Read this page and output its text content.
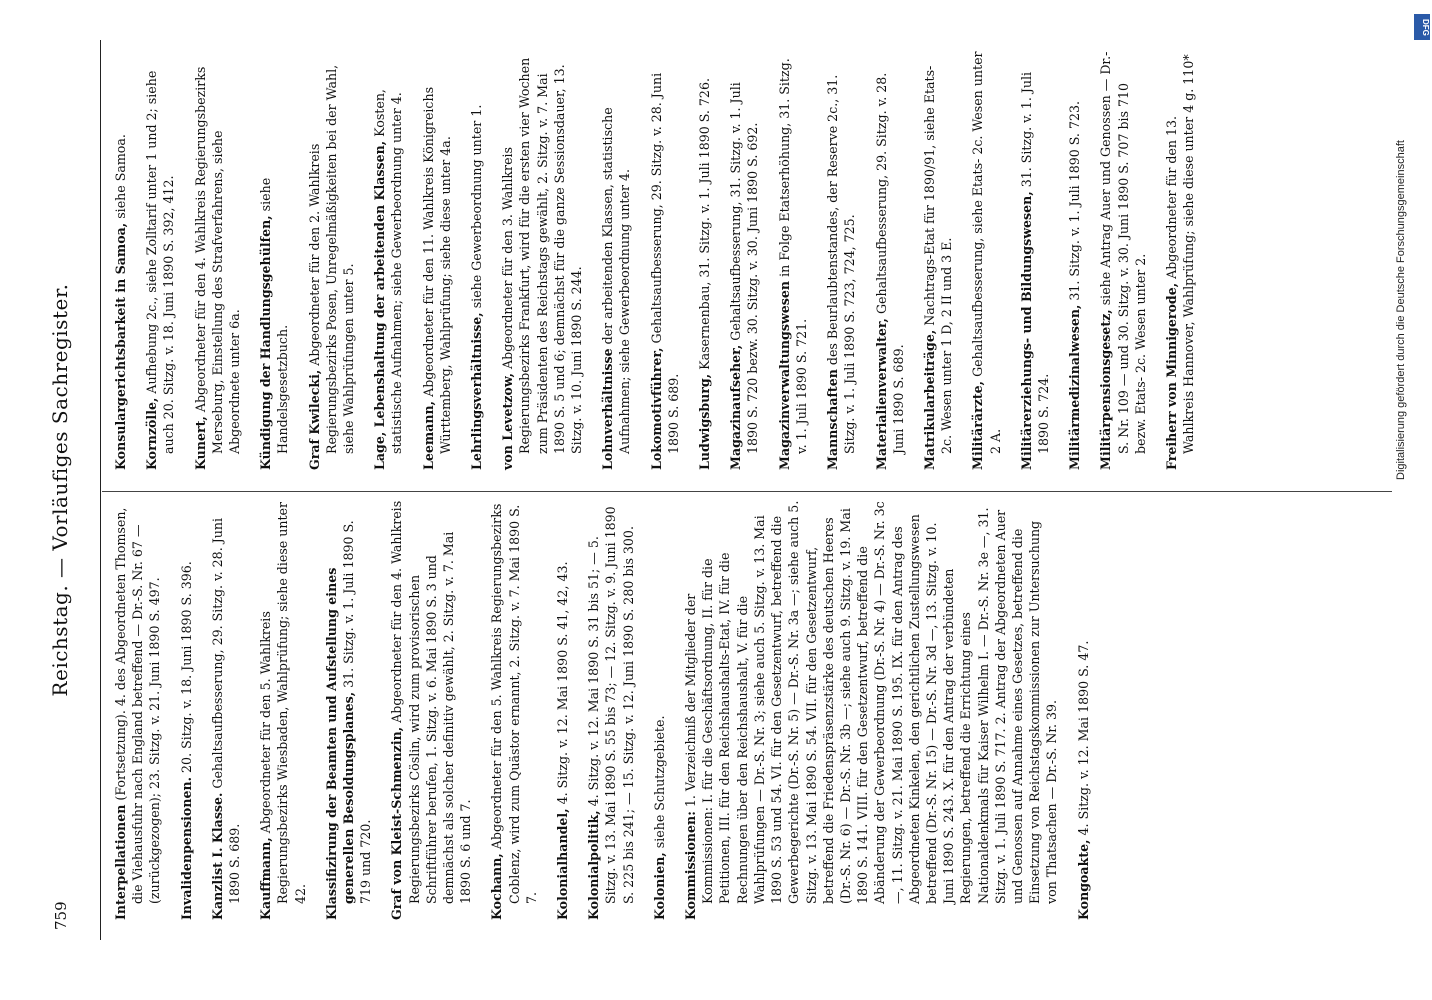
759
Reichstag. — Vorläufiges Sachregister.
Interpellationen (Fortsetzung). 4. des Abgeordneten Thomsen, die Viehausfuhr nach England betreffend — Dr.-S. Nr. 67 — (zurückgezogen); 23. Sitzg. v. 21. Juni 1890 S. 497. Invalidenpensionen. 20. Sitzg. v. 18. Juni 1890 S. 396.
Kanzlist I. Klasse. Gehaltsaufbesserung, 29. Sitzg. v. 28. Juni 1890 S. 689. Kauffmann, Abgeordneter für den 5. Wahlkreis Regierungsbezirks Wiesbaden, Wahlprüfung; siehe diese unter 42. Klassifizirung der Beamten und Aufstellung eines generellen Besoldungsplanes, 31. Sitzg. v. 1. Juli 1890 S. 719 und 720. Graf von Kleist-Schmenzin, Abgeordneter für den 4. Wahlkreis Regierungsbezirks Cöslin, wird zum provisorischen Schriftführer berufen, 1. Sitzg. v. 6. Mai 1890 S. 3 und demnächst als solcher definitiv gewählt, 2. Sitzg. v. 7. Mai 1890 S. 6 und 7. Kochann, Abgeordneter für den 5. Wahlkreis Regierungsbezirks Coblenz, wird zum Quästor ernannt, 2. Sitzg. v. 7. Mai 1890 S. 7. Kolonialhandel, 4. Sitzg. v. 12. Mai 1890 S. 41, 42, 43.
Kolonialpolitik, 4. Sitzg. v. 12. Mai 1890 S. 31 bis 51; — 5. Sitzg. v. 13. Mai 1890 S. 55 bis 73; — 12. Sitzg. v. 9. Juni 1890 S. 225 bis 241; — 15. Sitzg. v. 12. Juni 1890 S. 280 bis 300. Kolonien, siehe Schutzgebiete.
Kommissionen: 1. Verzeichniß der Mitglieder der Kommissionen: I. für die Geschäftsordnung, II. für die Petitionen, III. für den Reichshaushalts-Etat, IV. für die Rechnungen über den Reichshaushalt, V. für die Wahlprüfungen — Dr.-S. Nr. 3; siehe auch 5. Sitzg. v. 13. Mai 1890 S. 53 und 54. VI. für den Gesetzentwurf, betreffend die Gewerbegerichte (Dr.-S. Nr. 5) — Dr.-S. Nr. 3a —; siehe auch 5. Sitzg. v. 13. Mai 1890 S. 54. VII. für den Gesetzentwurf, betreffend die Friedenspräsenzstärke des deutschen Heeres (Dr.-S. Nr. 6) — Dr.-S. Nr. 3b —; siehe auch 9. Sitzg. v. 19. Mai 1890 S. 141. VIII. für den Gesetzentwurf, betreffend die Abänderung der Gewerbeordnung (Dr.-S. Nr. 4) — Dr.-S. Nr. 3c —, 11. Sitzg. v. 21. Mai 1890 S. 195. IX. für den Antrag des Abgeordneten Kinkelen, den gerichtlichen Zustellungswesen betreffend (Dr.-S. Nr. 15) — Dr.-S. Nr. 3d —, 13. Sitzg. v. 10. Juni 1890 S. 243. X. für den Antrag der verbündeten Regierungen, betreffend die Errichtung eines Nationaldenkmals für Kaiser Wilhelm I. — Dr.-S. Nr. 3e —, 31. Sitzg. v. 1. Juli 1890 S. 717. 2. Antrag der Abgeordneten Auer und Genossen auf Annahme eines Gesetzes, betreffend die Einsetzung von Reichstagskommissionen zur Untersuchung von Thatsachen — Dr.-S. Nr. 39. Kongoakte, 4. Sitzg. v. 12. Mai 1890 S. 47.
Konsulargerichtsbarkeit in Samoa, siehe Samoa.
Kornzölle, Aufhebung 2c., siehe Zolltarif unter 1 und 2; siehe auch 20. Sitzg. v. 18. Juni 1890 S. 392, 412. Kunert, Abgeordneter für den 4. Wahlkreis Regierungsbezirks Merseburg, Einstellung des Strafverfahrens, siehe Abgeordnete unter 6a. Kündigung der Handlungsgehülfen, siehe Handelsgesetzbuch. Graf Kwilecki, Abgeordneter für den 2. Wahlkreis Regierungsbezirks Posen, Unregelmäßigkeiten bei der Wahl, siehe Wahlprüfungen unter 5. Lage, Lebenshaltung der arbeitenden Klassen, Kosten, statistische Aufnahmen; siehe Gewerbeordnung unter 4. Leemann, Abgeordneter für den 11. Wahlkreis Königreichs Württemberg, Wahlprüfung; siehe diese unter 4a. Lehrlingsverhältnisse, siehe Gewerbeordnung unter 1.
von Levetzow, Abgeordneter für den 3. Wahlkreis Regierungsbezirks Frankfurt, wird für die ersten vier Wochen zum Präsidenten des Reichstags gewählt, 2. Sitzg. v. 7. Mai 1890 S. 5 und 6; demnächst für die ganze Sessionsdauer, 13. Sitzg. v. 10. Juni 1890 S. 244. Lohnverhältnisse der arbeitenden Klassen, statistische Aufnahmen; siehe Gewerbeordnung unter 4. Lokomotivführer, Gehaltsaufbesserung, 29. Sitzg. v. 28. Juni 1890 S. 689. Ludwigsburg, Kasernenbau, 31. Sitzg. v. 1. Juli 1890 S. 726.
Magazinaufseher, Gehaltsaufbesserung, 31. Sitzg. v. 1. Juli 1890 S. 720 bezw. 30. Sitzg. v. 30. Juni 1890 S. 692. Magazinverwaltungswesen in Folge Etatserhöhung, 31. Sitzg. v. 1. Juli 1890 S. 721. Mannschaften des Beurlaubtenstandes, der Reserve 2c., 31. Sitzg. v. 1. Juli 1890 S. 723, 724, 725. Materialienverwalter, Gehaltsaufbesserung, 29. Sitzg. v. 28. Juni 1890 S. 689. Matrikularbeiträge, Nachtrags-Etat für 1890/91, siehe Etats- 2c. Wesen unter 1 D, 2 II und 3 E. Militärärzte, Gehaltsaufbesserung, siehe Etats- 2c. Wesen unter 2 A. Militärerziehungs- und Bildungswesen, 31. Sitzg. v. 1. Juli 1890 S. 724. Militärmedizinalwesen, 31. Sitzg. v. 1. Juli 1890 S. 723.
Militärpensionsgesetz, siehe Antrag Auer und Genossen — Dr.-S. Nr. 109 — und 30. Sitzg. v. 30. Juni 1890 S. 707 bis 710 bezw. Etats- 2c. Wesen unter 2. Freiherr von Minnigerode, Abgeordneter für den 13. Wahlkreis Hannover, Wahlprüfung; siehe diese unter 4 g. 110*	Digitalisierung gefördert durch die Deutsche Forschungsgemeinschaft
DFG
